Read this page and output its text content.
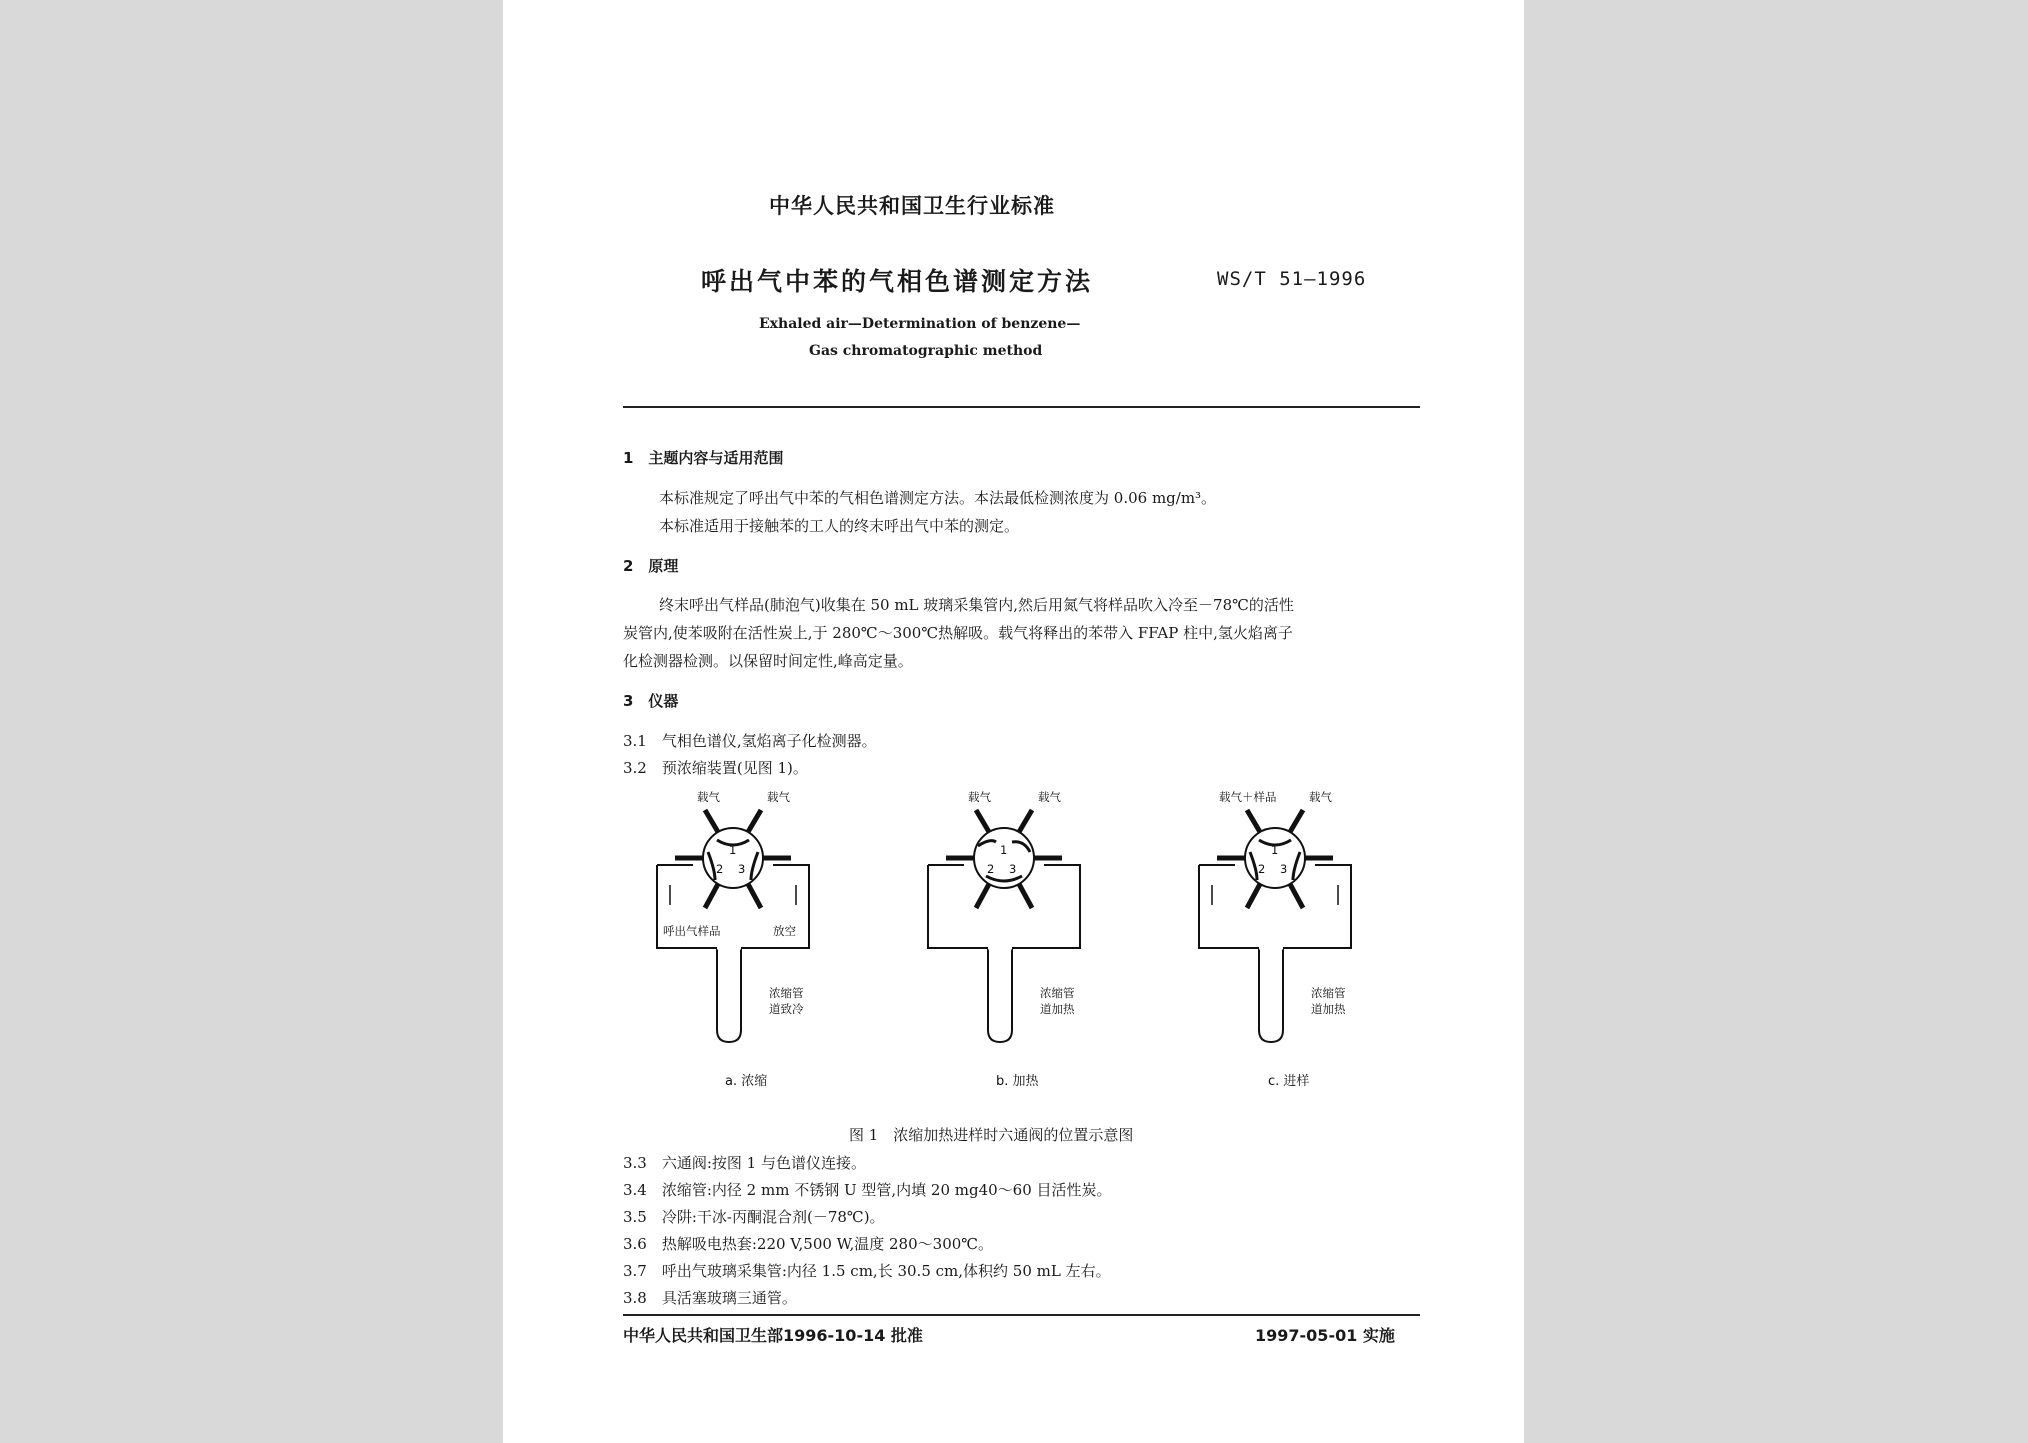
中华人民共和国卫生行业标准
呼出气中苯的气相色谱测定方法	WS/T 51—1996
Exhaled air—Determination of benzene—
Gas chromatographic method
1　主题内容与适用范围
本标准规定了呼出气中苯的气相色谱测定方法。本法最低检测浓度为 0.06 mg/m³。
本标准适用于接触苯的工人的终末呼出气中苯的测定。
2　原理
终末呼出气样品(肺泡气)收集在 50 mL 玻璃采集管内,然后用氮气将样品吹入冷至－78℃的活性
炭管内,使苯吸附在活性炭上,于 280℃～300℃热解吸。载气将释出的苯带入 FFAP 柱中,氢火焰离子
化检测器检测。以保留时间定性,峰高定量。
3　仪器
3.1　气相色谱仪,氢焰离子化检测器。
3.2　预浓缩装置(见图 1)。
载气	载气
1
2 3
呼出气样品	放空
浓缩管
道致冷
a. 浓缩
载气	载气
1
2 3
浓缩管
道加热
b. 加热
载气＋样品	载气
1
2 3
浓缩管
道加热
c. 进样
图 1　浓缩加热进样时六通阀的位置示意图
3.3　六通阀:按图 1 与色谱仪连接。
3.4　浓缩管:内径 2 mm 不锈钢 U 型管,内填 20 mg40～60 目活性炭。
3.5　冷阱:干冰-丙酮混合剂(－78℃)。
3.6　热解吸电热套:220 V,500 W,温度 280～300℃。
3.7　呼出气玻璃采集管:内径 1.5 cm,长 30.5 cm,体积约 50 mL 左右。
3.8　具活塞玻璃三通管。
中华人民共和国卫生部1996-10-14 批准	1997-05-01 实施
